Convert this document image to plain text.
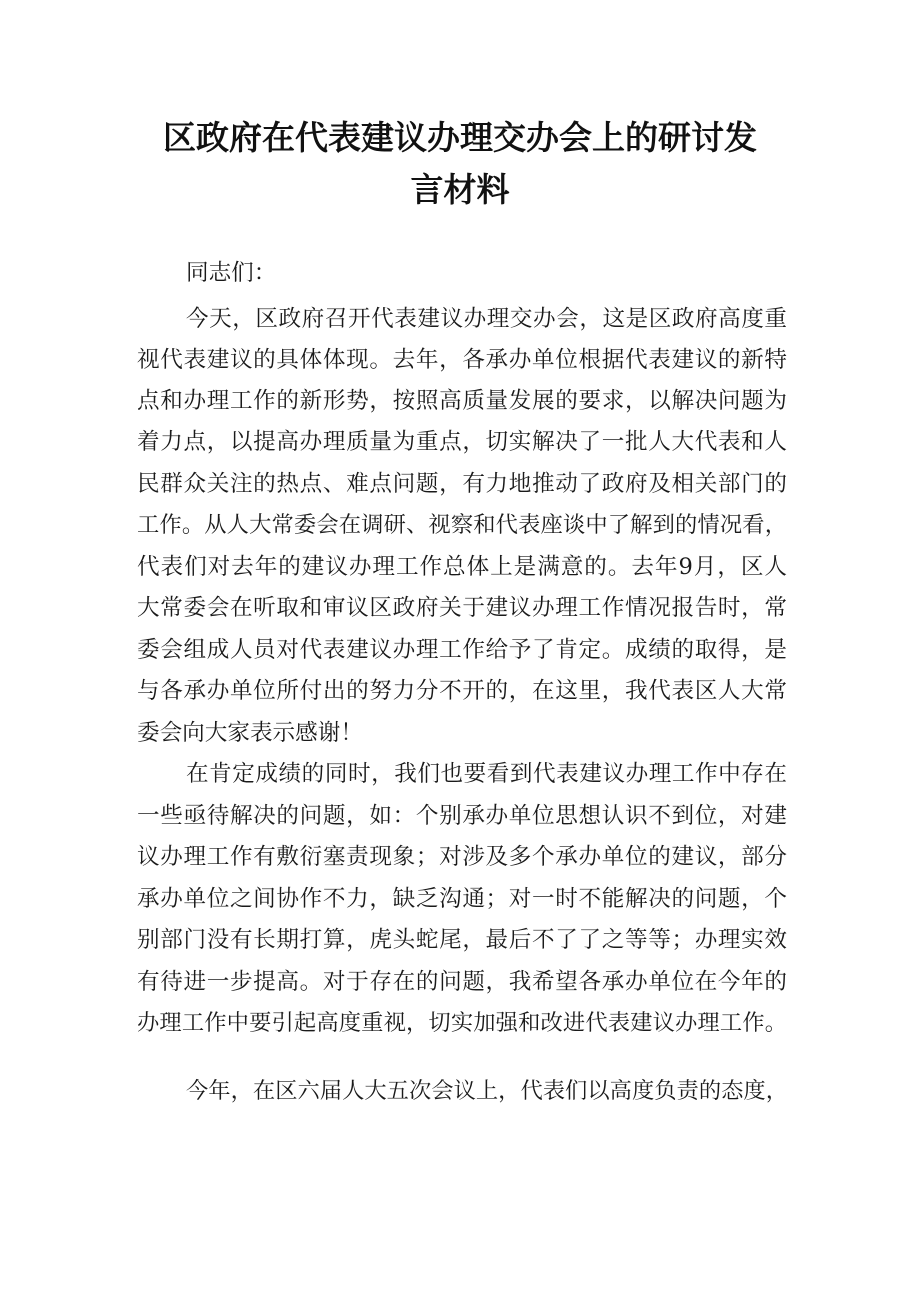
区政府在代表建议办理交办会上的研讨发
言材料
同志们：
今天，区政府召开代表建议办理交办会，这是区政府高度重
视代表建议的具体体现。去年，各承办单位根据代表建议的新特
点和办理工作的新形势，按照高质量发展的要求，以解决问题为
着力点，以提高办理质量为重点，切实解决了一批人大代表和人
民群众关注的热点、难点问题，有力地推动了政府及相关部门的
工作。从人大常委会在调研、视察和代表座谈中了解到的情况看，
代表们对去年的建议办理工作总体上是满意的。去年9月，区人
大常委会在听取和审议区政府关于建议办理工作情况报告时，常
委会组成人员对代表建议办理工作给予了肯定。成绩的取得，是
与各承办单位所付出的努力分不开的，在这里，我代表区人大常
委会向大家表示感谢！
在肯定成绩的同时，我们也要看到代表建议办理工作中存在
一些亟待解决的问题，如：个别承办单位思想认识不到位，对建
议办理工作有敷衍塞责现象；对涉及多个承办单位的建议，部分
承办单位之间协作不力，缺乏沟通；对一时不能解决的问题，个
别部门没有长期打算，虎头蛇尾，最后不了了之等等；办理实效
有待进一步提高。对于存在的问题，我希望各承办单位在今年的
办理工作中要引起高度重视，切实加强和改进代表建议办理工作。
今年，在区六届人大五次会议上，代表们以高度负责的态度，
